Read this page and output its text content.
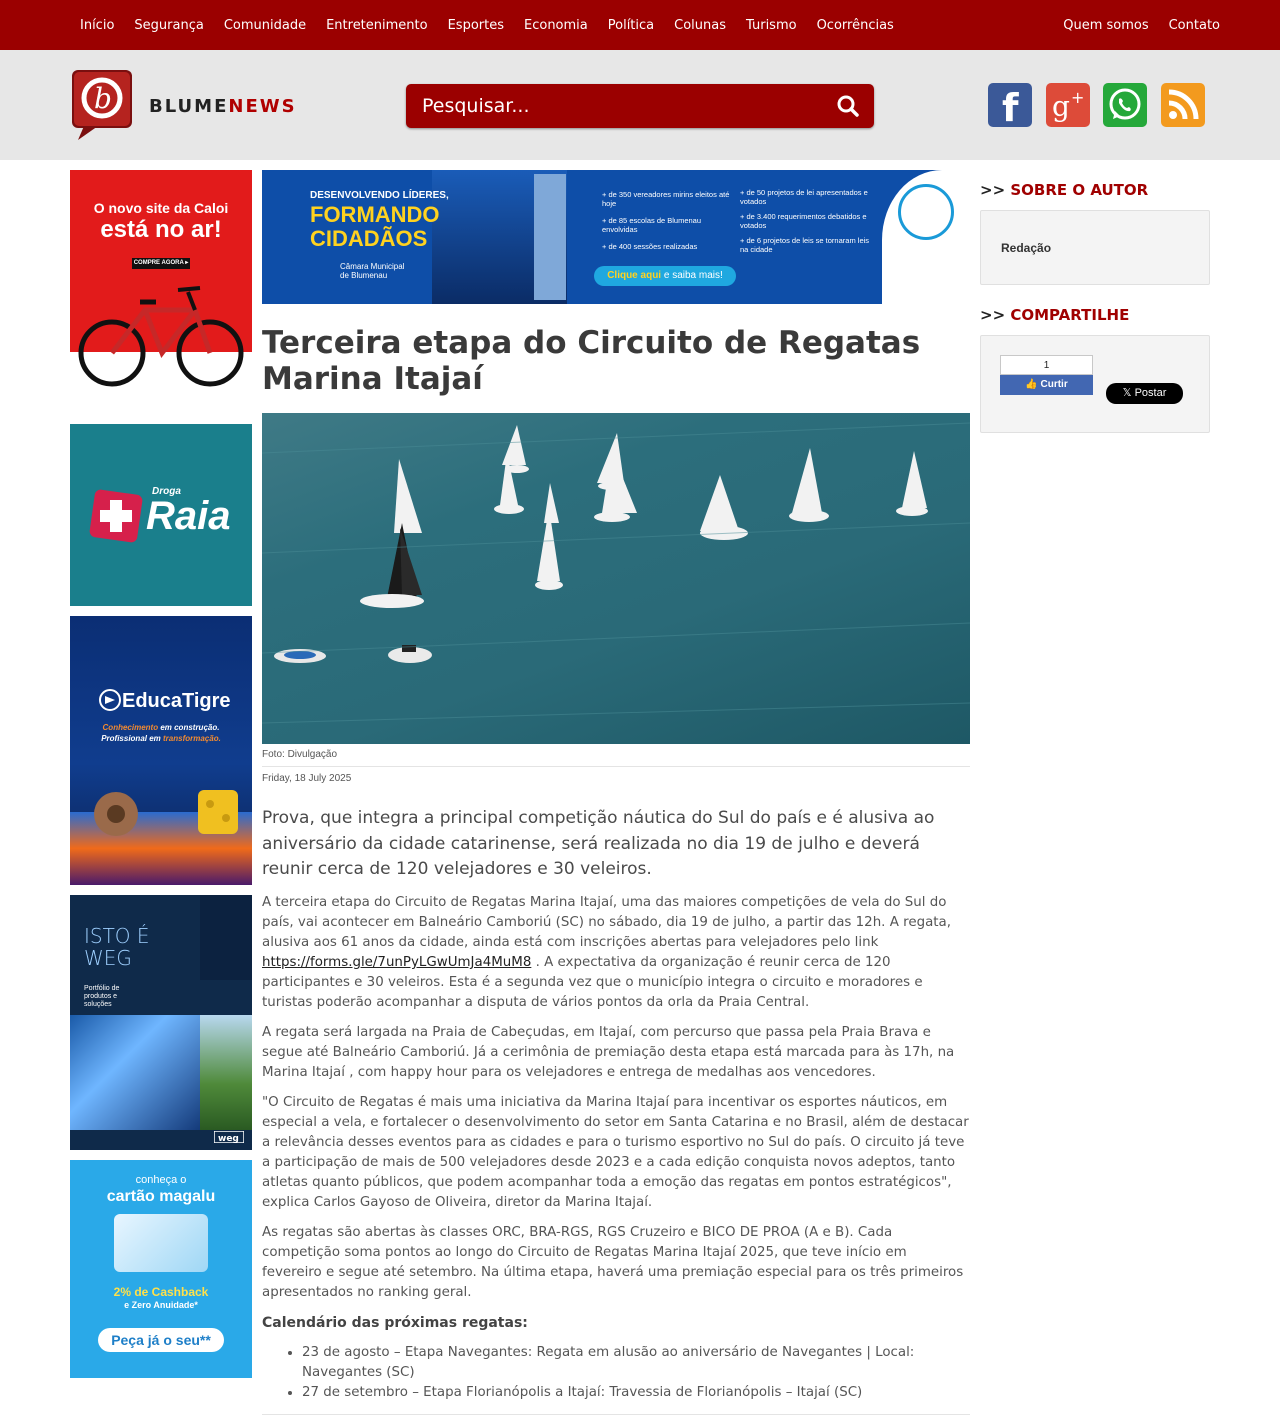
Início Segurança Comunidade Entretenimento Esportes Economia Política Colunas Turismo Ocorrências	Quem somos Contato
b BLUMENEWS
Pesquisar...	f g +
O novo site da Caloi
está no ar!
COMPRE AGORA ▸
Droga
Raia
EducaTigre
Conhecimento em construção.
Profissional em transformação.
ISTO É WEG
Portfólio de produtos e soluções
weg
conheça o
cartão magalu
2% de Cashback
e Zero Anuidade*
Peça já o seu**
DESENVOLVENDO LÍDERES,
FORMANDO
CIDADÃOS
Câmara Municipal de Blumenau
+ de 350 vereadores mirins eleitos até hoje
+ de 85 escolas de Blumenau envolvidas
+ de 400 sessões realizadas
+ de 50 projetos de lei apresentados e votados
+ de 3.400 requerimentos debatidos e votados
+ de 6 projetos de leis se tornaram leis na cidade
Clique aqui e saiba mais!
Terceira etapa do Circuito de Regatas Marina Itajaí
Foto: Divulgação
Friday, 18 July 2025

Prova, que integra a principal competição náutica do Sul do país e é alusiva ao aniversário da cidade catarinense, será realizada no dia 19 de julho e deverá reunir cerca de 120 velejadores e 30 veleiros.

A terceira etapa do Circuito de Regatas Marina Itajaí, uma das maiores competições de vela do Sul do país, vai acontecer em Balneário Camboriú (SC) no sábado, dia 19 de julho, a partir das 12h. A regata, alusiva aos 61 anos da cidade, ainda está com inscrições abertas para velejadores pelo link https://forms.gle/7unPyLGwUmJa4MuM8 . A expectativa da organização é reunir cerca de 120 participantes e 30 veleiros. Esta é a segunda vez que o município integra o circuito e moradores e turistas poderão acompanhar a disputa de vários pontos da orla da Praia Central.

A regata será largada na Praia de Cabeçudas, em Itajaí, com percurso que passa pela Praia Brava e segue até Balneário Camboriú. Já a cerimônia de premiação desta etapa está marcada para às 17h, na Marina Itajaí , com happy hour para os velejadores e entrega de medalhas aos vencedores.

"O Circuito de Regatas é mais uma iniciativa da Marina Itajaí para incentivar os esportes náuticos, em especial a vela, e fortalecer o desenvolvimento do setor em Santa Catarina e no Brasil, além de destacar a relevância desses eventos para as cidades e para o turismo esportivo no Sul do país. O circuito já teve a participação de mais de 500 velejadores desde 2023 e a cada edição conquista novos adeptos, tanto atletas quanto públicos, que podem acompanhar toda a emoção das regatas em pontos estratégicos", explica Carlos Gayoso de Oliveira, diretor da Marina Itajaí.

As regatas são abertas às classes ORC, BRA-RGS, RGS Cruzeiro e BICO DE PROA (A e B). Cada competição soma pontos ao longo do Circuito de Regatas Marina Itajaí 2025, que teve início em fevereiro e segue até setembro. Na última etapa, haverá uma premiação especial para os três primeiros apresentados no ranking geral.

Calendário das próximas regatas:
• 23 de agosto – Etapa Navegantes: Regata em alusão ao aniversário de Navegantes | Local: Navegantes (SC)
• 27 de setembro – Etapa Florianópolis a Itajaí: Travessia de Florianópolis – Itajaí (SC)
>> SOBRE O AUTOR
Redação
>> COMPARTILHE
1
👍 Curtir
𝕏 Postar
